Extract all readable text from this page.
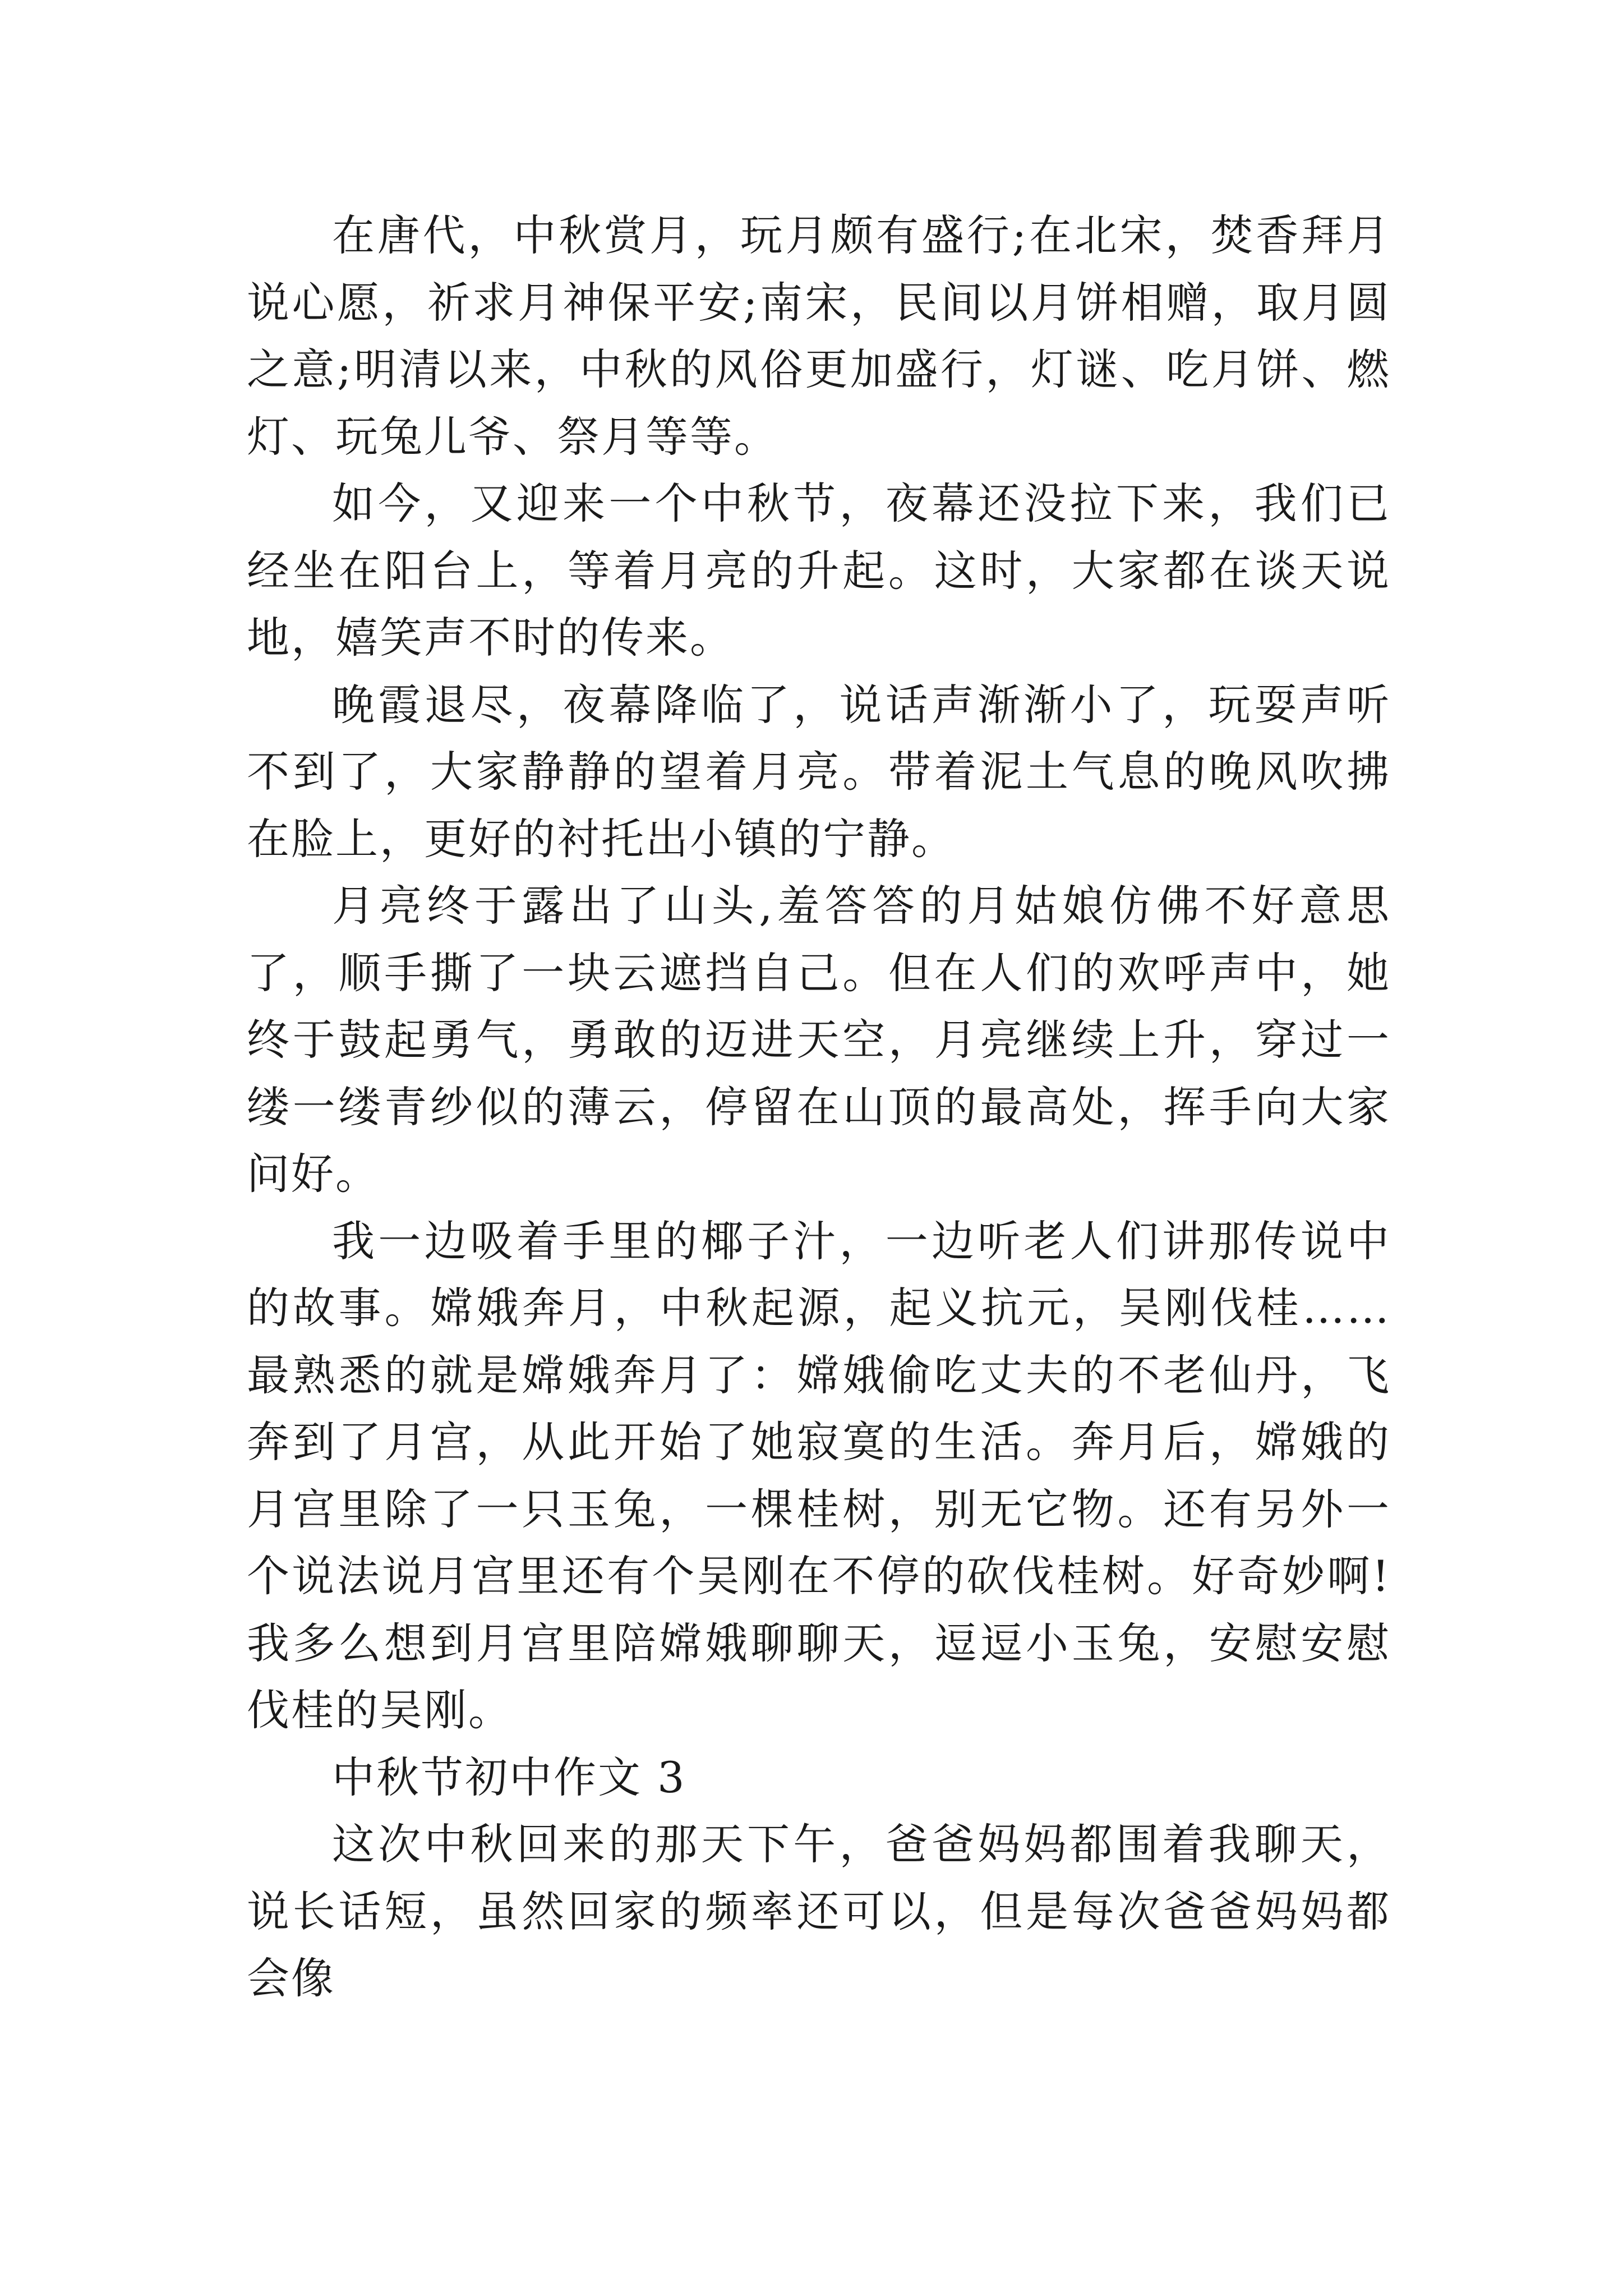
在唐代，中秋赏月，玩月颇有盛行;在北宋，焚香拜月说心愿，祈求月神保平安;南宋，民间以月饼相赠，取月圆之意;明清以来，中秋的风俗更加盛行，灯谜、吃月饼、燃灯、玩兔儿爷、祭月等等。

如今，又迎来一个中秋节，夜幕还没拉下来，我们已经坐在阳台上，等着月亮的升起。这时，大家都在谈天说地，嬉笑声不时的传来。

晚霞退尽，夜幕降临了，说话声渐渐小了，玩耍声听不到了，大家静静的望着月亮。带着泥土气息的晚风吹拂在脸上，更好的衬托出小镇的宁静。

月亮终于露出了山头,羞答答的月姑娘仿佛不好意思了，顺手撕了一块云遮挡自己。但在人们的欢呼声中，她终于鼓起勇气，勇敢的迈进天空，月亮继续上升，穿过一缕一缕青纱似的薄云，停留在山顶的最高处，挥手向大家问好。

我一边吸着手里的椰子汁，一边听老人们讲那传说中的故事。嫦娥奔月，中秋起源，起义抗元，吴刚伐桂……最熟悉的就是嫦娥奔月了：嫦娥偷吃丈夫的不老仙丹，飞奔到了月宫，从此开始了她寂寞的生活。奔月后，嫦娥的月宫里除了一只玉兔，一棵桂树，别无它物。还有另外一个说法说月宫里还有个吴刚在不停的砍伐桂树。好奇妙啊!我多么想到月宫里陪嫦娥聊聊天，逗逗小玉兔，安慰安慰伐桂的吴刚。

中秋节初中作文 3

这次中秋回来的那天下午，爸爸妈妈都围着我聊天，说长话短，虽然回家的频率还可以，但是每次爸爸妈妈都会像
